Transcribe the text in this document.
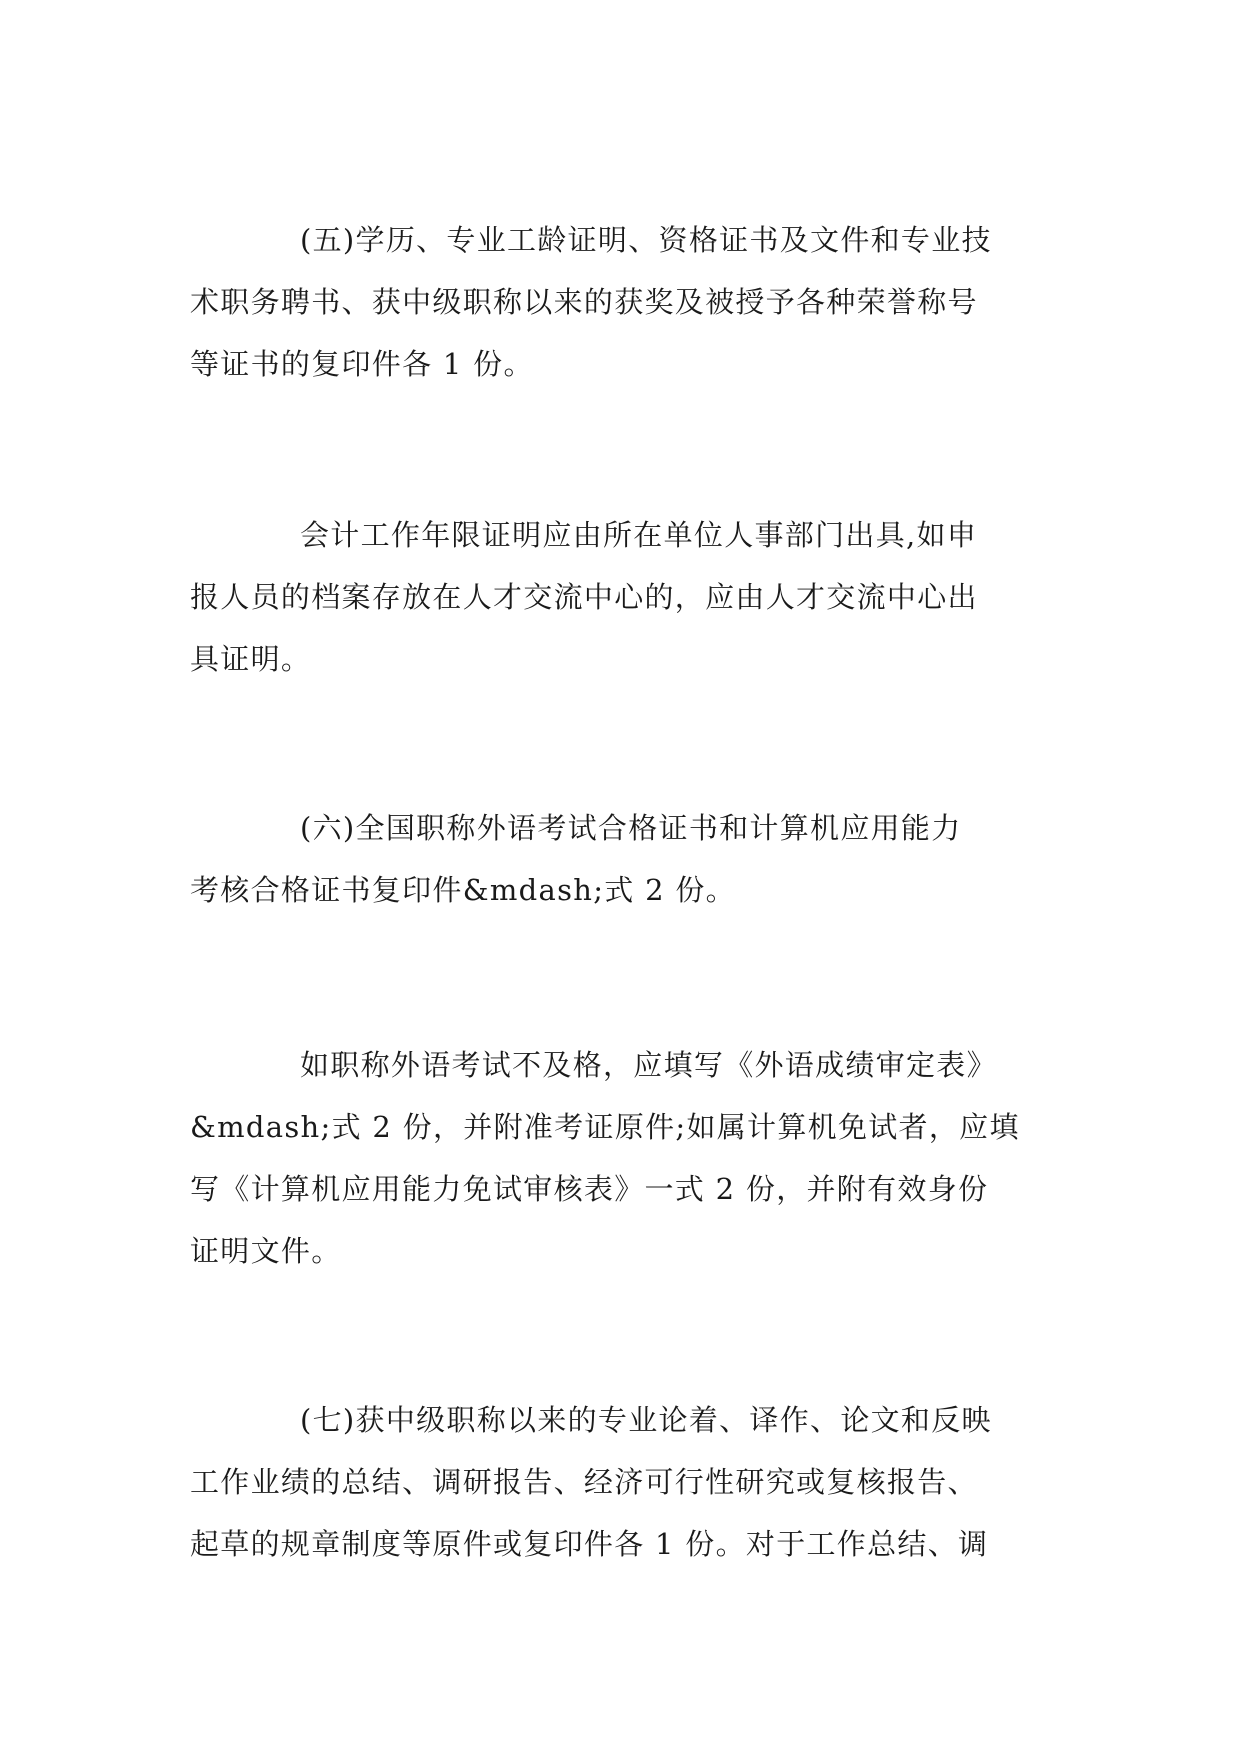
(五)学历、专业工龄证明、资格证书及文件和专业技

术职务聘书、获中级职称以来的获奖及被授予各种荣誉称号

等证书的复印件各 1 份。

会计工作年限证明应由所在单位人事部门出具,如申

报人员的档案存放在人才交流中心的，应由人才交流中心出

具证明。

(六)全国职称外语考试合格证书和计算机应用能力

考核合格证书复印件&mdash;式 2 份。

如职称外语考试不及格，应填写《外语成绩审定表》

&mdash;式 2 份，并附准考证原件;如属计算机免试者，应填

写《计算机应用能力免试审核表》一式 2 份，并附有效身份

证明文件。

(七)获中级职称以来的专业论着、译作、论文和反映

工作业绩的总结、调研报告、经济可行性研究或复核报告、

起草的规章制度等原件或复印件各 1 份。对于工作总结、调
